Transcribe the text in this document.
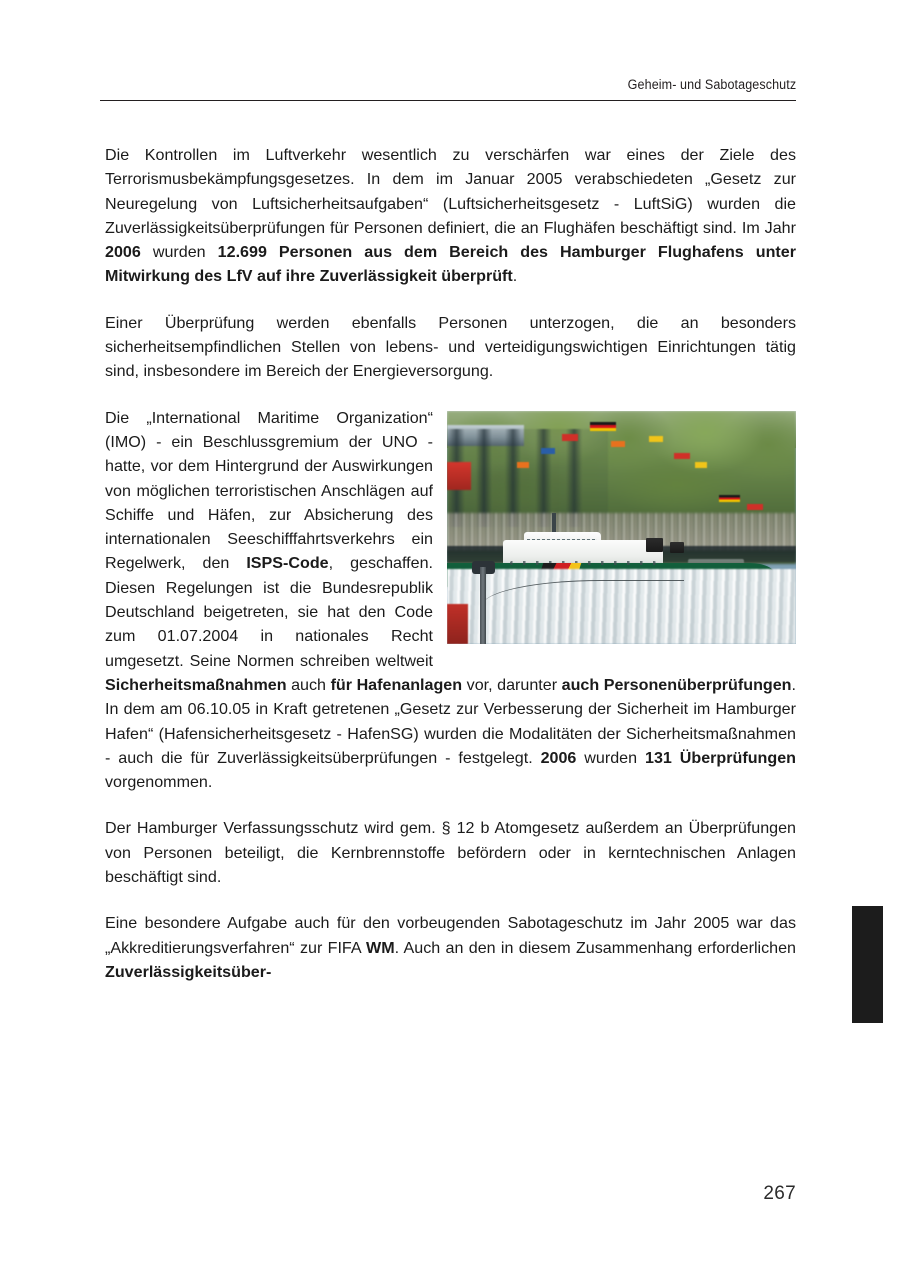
Geheim- und Sabotageschutz

Die Kontrollen im Luftverkehr wesentlich zu verschärfen war eines der Ziele des Terrorismusbekämpfungsgesetzes. In dem im Januar 2005 verabschiedeten „Gesetz zur Neuregelung von Luftsicherheitsaufgaben“ (Luftsicherheitsgesetz - LuftSiG) wurden die Zuverlässigkeitsüberprüfungen für Personen definiert, die an Flughäfen beschäftigt sind. Im Jahr 2006 wurden 12.699 Personen aus dem Bereich des Hamburger Flughafens unter Mitwirkung des LfV auf ihre Zuverlässigkeit überprüft.

Einer Überprüfung werden ebenfalls Personen unterzogen, die an besonders sicherheitsempfindlichen Stellen von lebens- und verteidigungswichtigen Einrichtungen tätig sind, insbesondere im Bereich der Energieversorgung.

Die „International Maritime Organization“ (IMO) - ein Beschlussgremium der UNO - hatte, vor dem Hintergrund der Auswirkungen von möglichen terroristischen Anschlägen auf Schiffe und Häfen, zur Absicherung des internationalen Seeschifffahrtsverkehrs ein Regelwerk, den ISPS-Code, geschaffen. Diesen Regelungen ist die Bundesrepublik Deutschland beigetreten, sie hat den Code zum 01.07.2004 in nationales Recht umgesetzt. Seine Normen schreiben weltweit Sicherheitsmaßnahmen auch für Hafenanlagen vor, darunter auch Personenüberprüfungen. In dem am 06.10.05 in Kraft getretenen „Gesetz zur Verbesserung der Sicherheit im Hamburger Hafen“ (Hafensicherheitsgesetz - HafenSG) wurden die Modalitäten der Sicherheitsmaßnahmen - auch die für Zuverlässigkeitsüberprüfungen - festgelegt. 2006 wurden 131 Überprüfungen vorgenommen.

Der Hamburger Verfassungsschutz wird gem. § 12 b Atomgesetz außerdem an Überprüfungen von Personen beteiligt, die Kernbrennstoffe befördern oder in kerntechnischen Anlagen beschäftigt sind.

Eine besondere Aufgabe auch für den vorbeugenden Sabotageschutz im Jahr 2005 war das „Akkreditierungsverfahren“ zur FIFA WM. Auch an den in diesem Zusammenhang erforderlichen Zuverlässigkeitsüber-

267
